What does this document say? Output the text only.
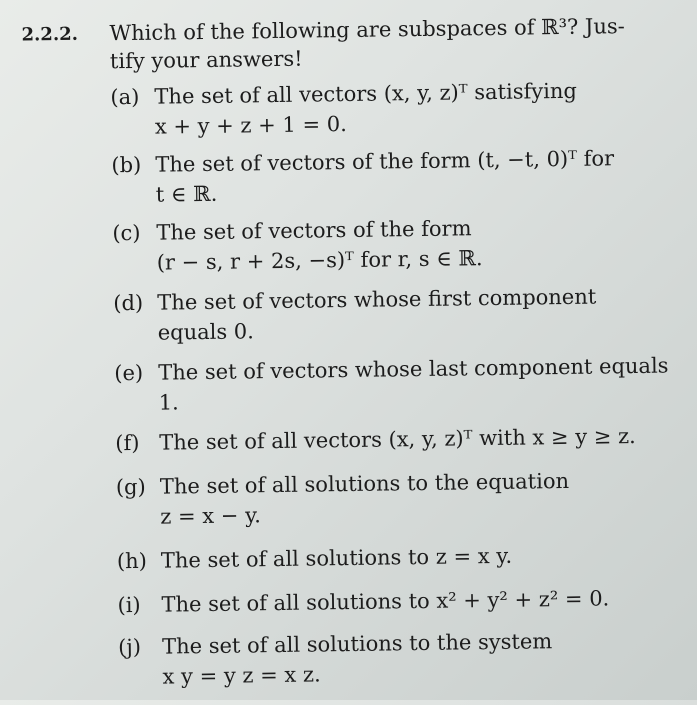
2.2.2. Which of the following are subspaces of ℝ³? Jus-
tify your answers!
(a) The set of all vectors (x, y, z)ᵀ satisfying
x + y + z + 1 = 0.
(b) The set of vectors of the form (t, −t, 0)ᵀ for
t ∈ ℝ.
(c) The set of vectors of the form
(r − s, r + 2s, −s)ᵀ for r, s ∈ ℝ.
(d) The set of vectors whose first component
equals 0.
(e) The set of vectors whose last component equals
1.
(f) The set of all vectors (x, y, z)ᵀ with x ≥ y ≥ z.
(g) The set of all solutions to the equation
z = x − y.
(h) The set of all solutions to z = x y.
(i) The set of all solutions to x² + y² + z² = 0.
(j) The set of all solutions to the system
x y = y z = x z.
